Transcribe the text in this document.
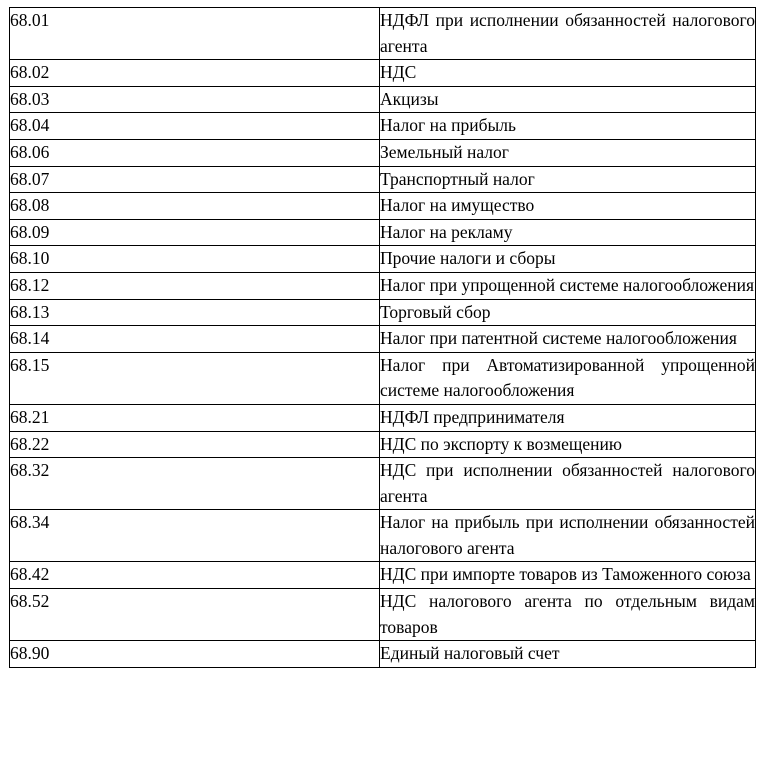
68.01	НДФЛ при исполнении обязанностей налогового агента
68.02	НДС
68.03	Акцизы
68.04	Налог на прибыль
68.06	Земельный налог
68.07	Транспортный налог
68.08	Налог на имущество
68.09	Налог на рекламу
68.10	Прочие налоги и сборы
68.12	Налог при упрощенной системе налогообложения
68.13	Торговый сбор
68.14	Налог при патентной системе налогообложения
68.15	Налог при Автоматизированной упрощенной системе налогообложения
68.21	НДФЛ предпринимателя
68.22	НДС по экспорту к возмещению
68.32	НДС при исполнении обязанностей налогового агента
68.34	Налог на прибыль при исполнении обязанностей налогового агента
68.42	НДС при импорте товаров из Таможенного союза
68.52	НДС налогового агента по отдельным видам товаров
68.90	Единый налоговый счет
